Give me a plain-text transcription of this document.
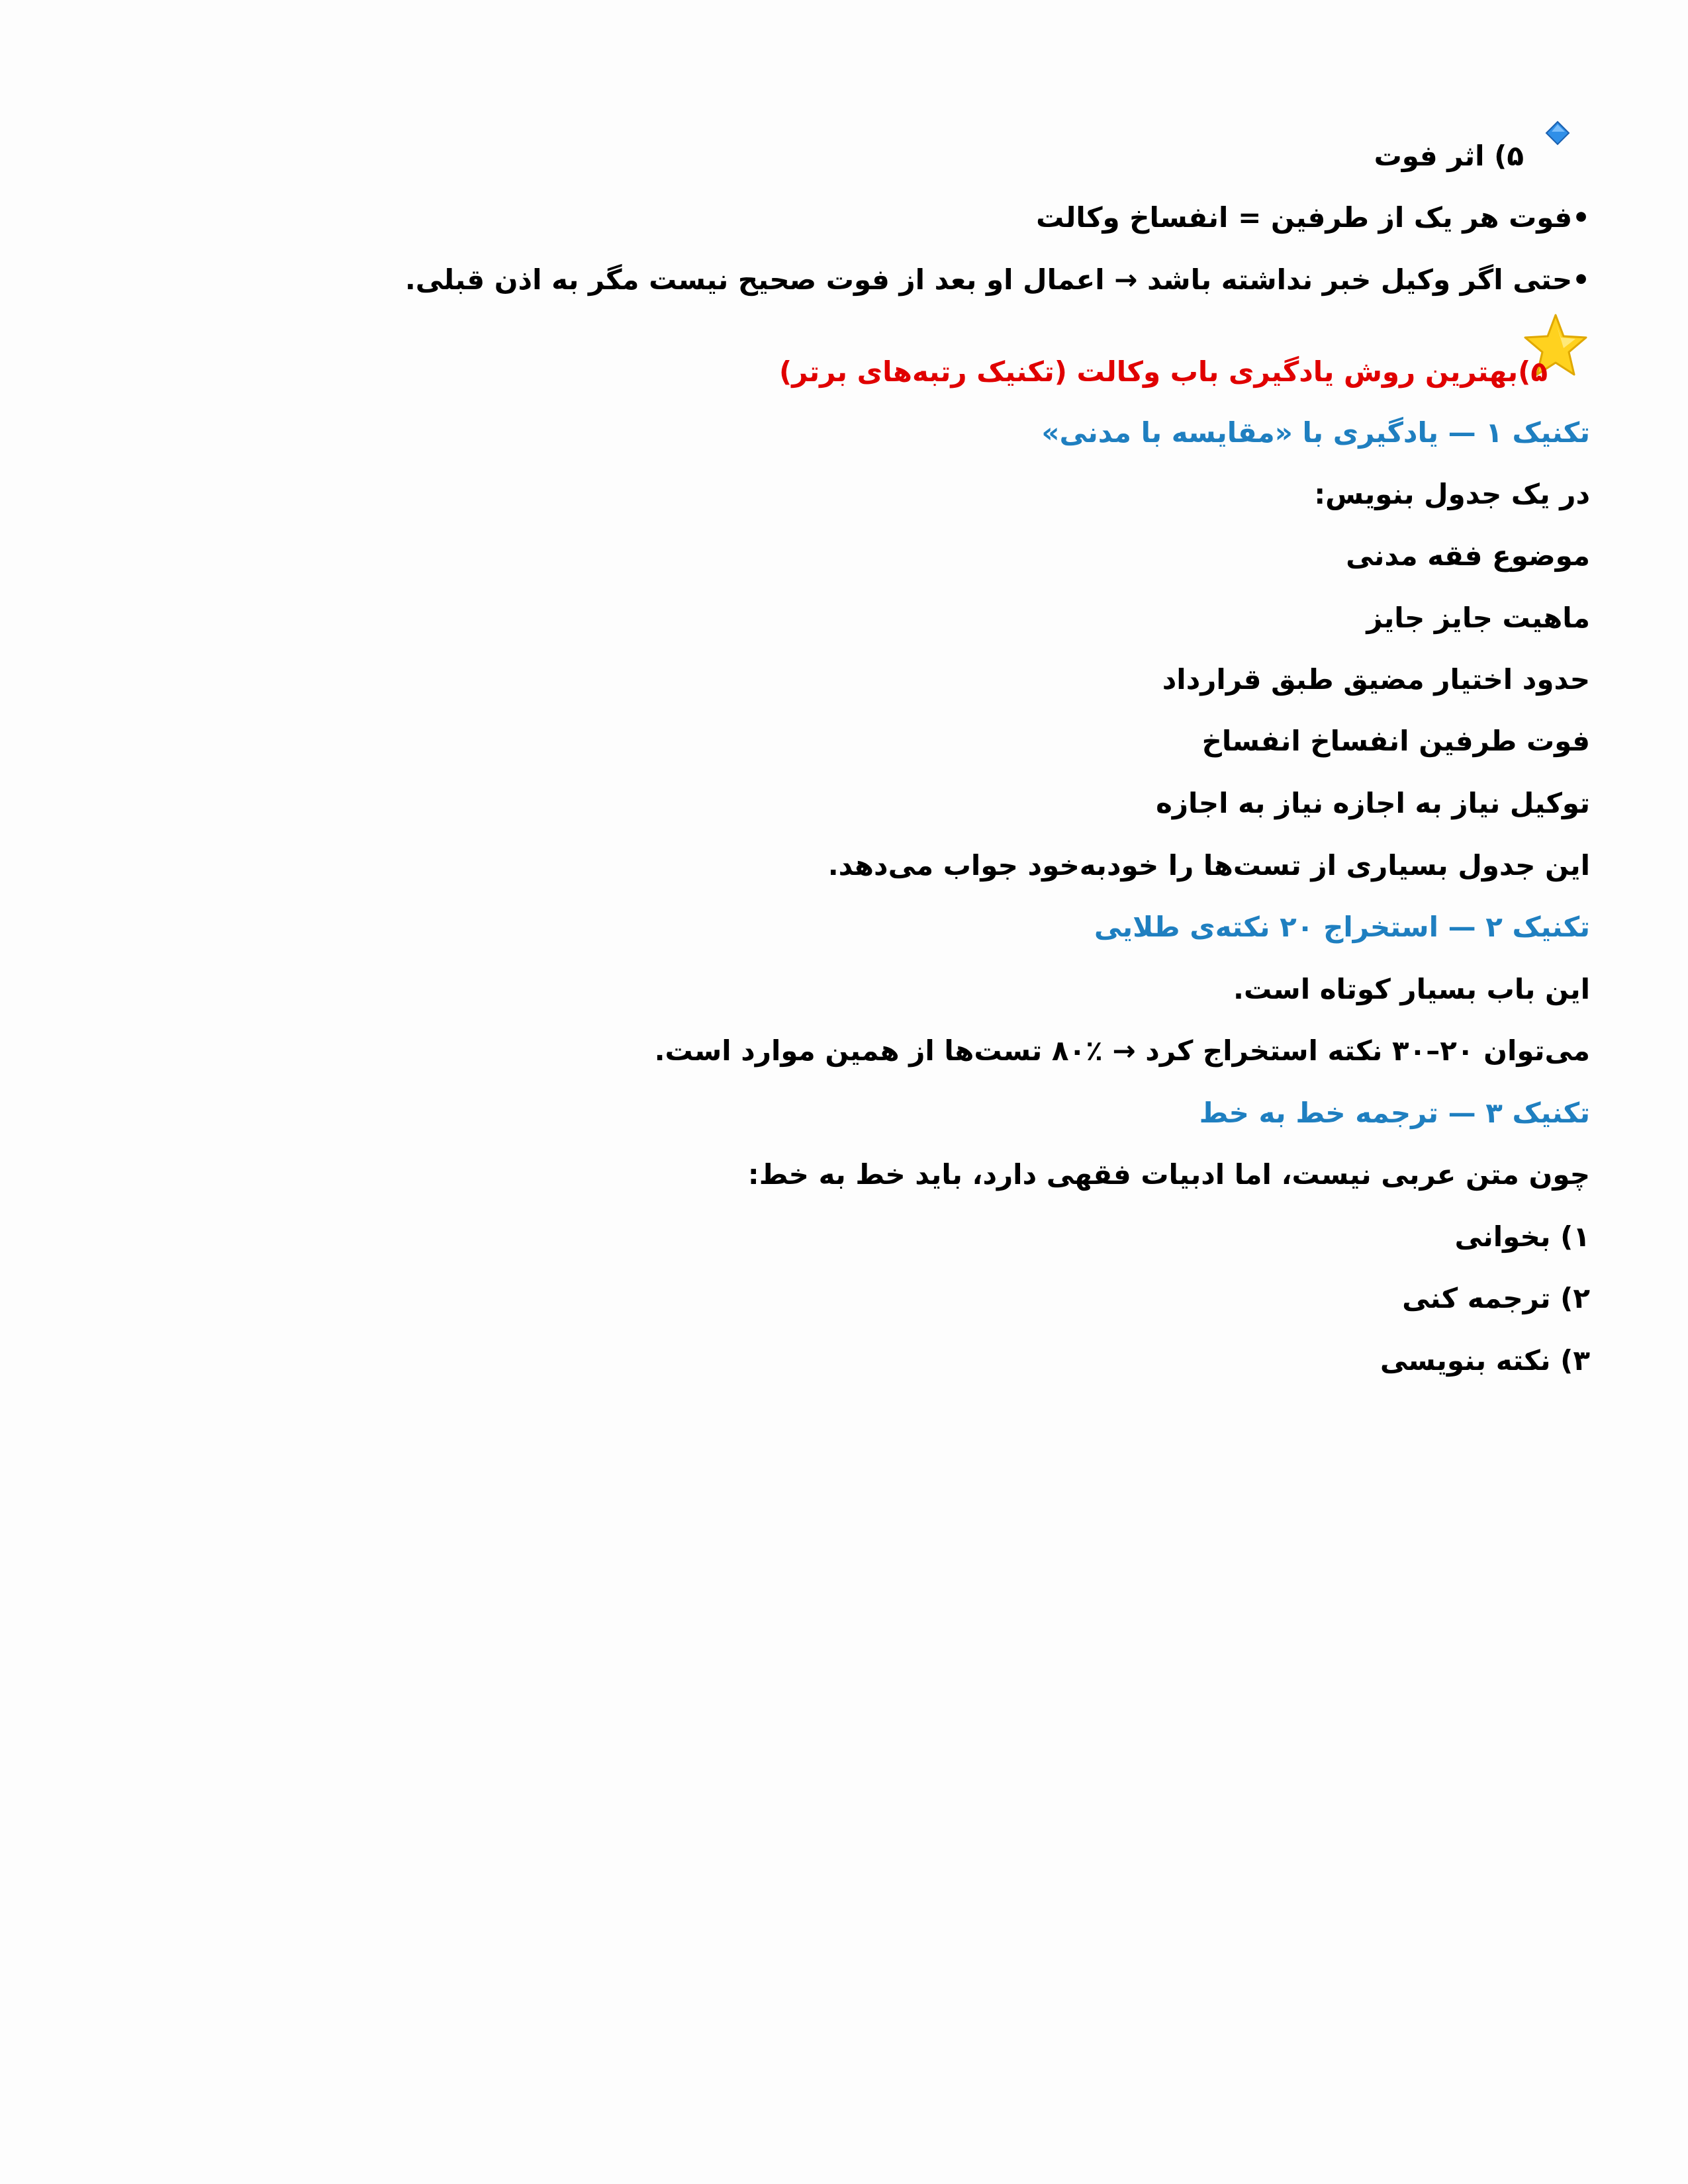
۵) اثر فوت
•فوت هر یک از طرفین = انفساخ وکالت
•حتی اگر وکیل خبر نداشته باشد → اعمال او بعد از فوت صحیح نیست مگر به اذن قبلی.
۵)بهترین روش یادگیری باب وکالت (تکنیک رتبه‌های برتر)
تکنیک ۱ — یادگیری با «مقایسه با مدنی»
در یک جدول بنویس:
موضوع فقه مدنی
ماهیت جایز جایز
حدود اختیار مضیق طبق قرارداد
فوت طرفین انفساخ انفساخ
توکیل نیاز به اجازه نیاز به اجازه
این جدول بسیاری از تست‌ها را خودبه‌خود جواب می‌دهد.
تکنیک ۲ — استخراج ۲۰ نکته‌ی طلایی
این باب بسیار کوتاه است.
می‌توان ۲۰–۳۰ نکته استخراج کرد → ٪۸۰ تست‌ها از همین موارد است.
تکنیک ۳ — ترجمه خط به خط
چون متن عربی نیست، اما ادبیات فقهی دارد، باید خط به خط:
۱) بخوانی
۲) ترجمه کنی
۳) نکته بنویسی
